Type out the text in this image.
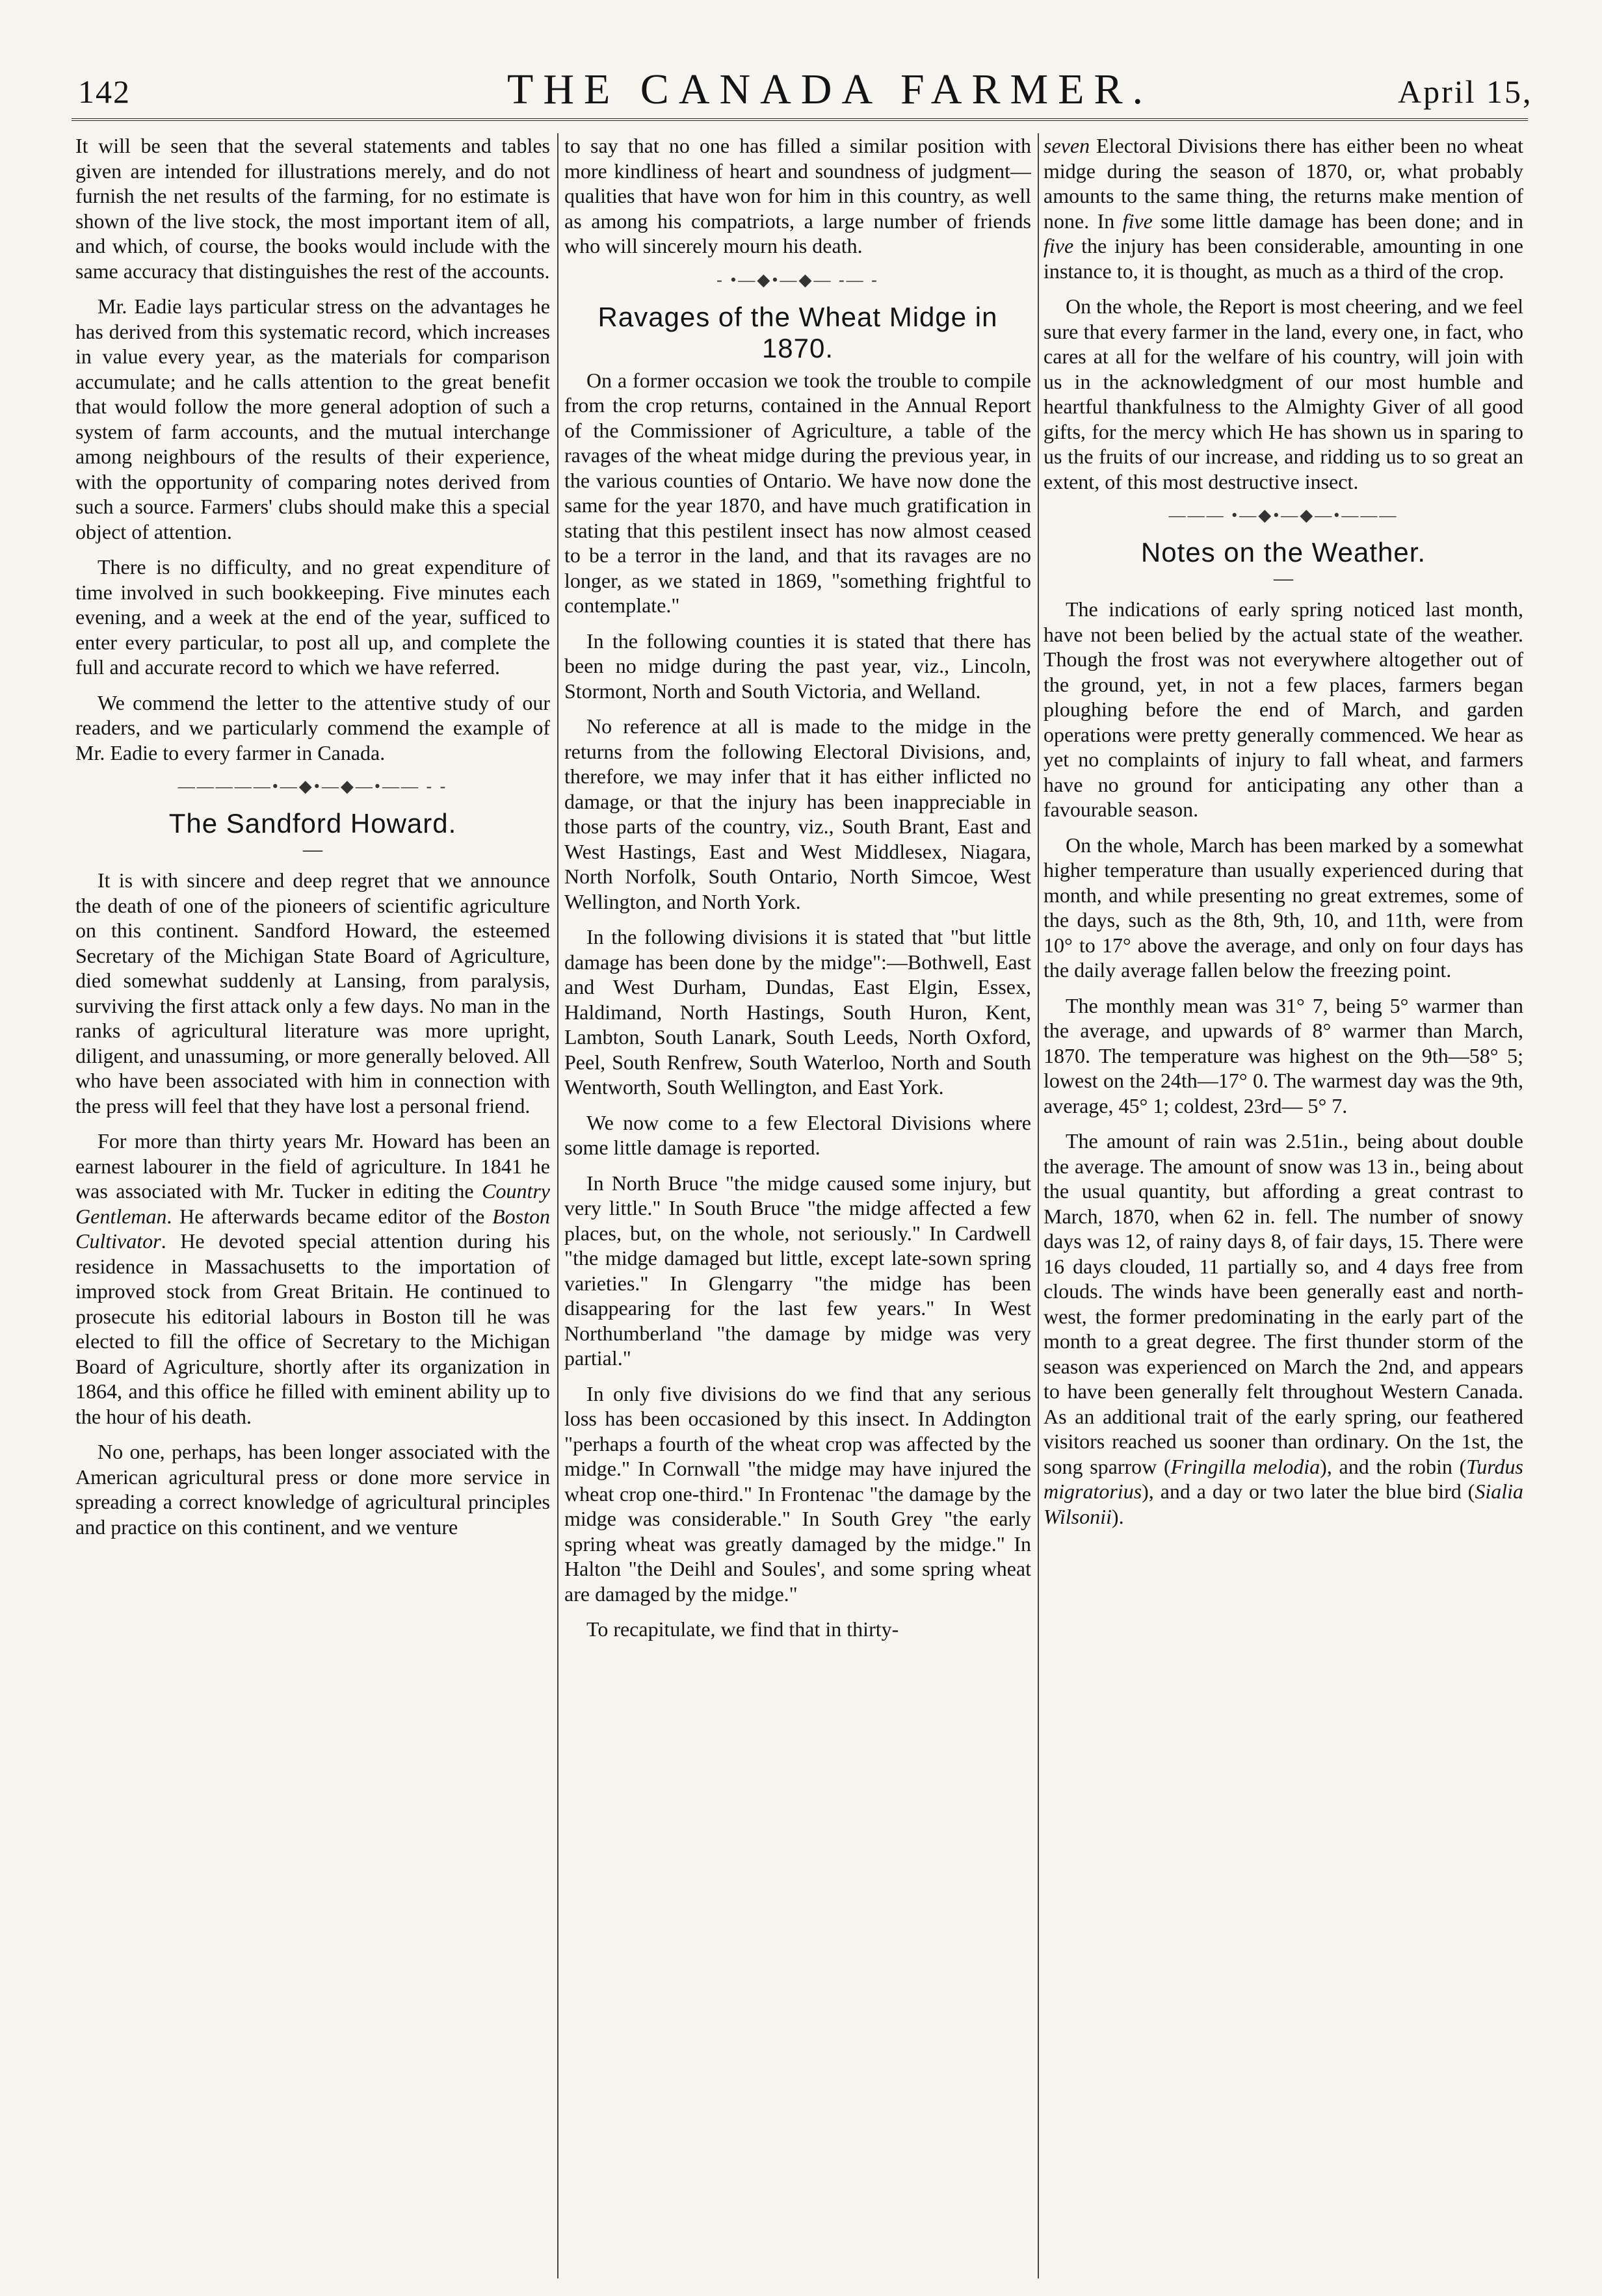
142	THE CANADA FARMER.	April 15,

It will be seen that the several statements and tables given are intended for illustrations merely, and do not furnish the net results of the farming, for no estimate is shown of the live stock, the most important item of all, and which, of course, the books would include with the same accuracy that distinguishes the rest of the accounts.

Mr. Eadie lays particular stress on the advantages he has derived from this systematic record, which increases in value every year, as the materials for comparison accumulate; and he calls attention to the great benefit that would follow the more general adoption of such a system of farm accounts, and the mutual interchange among neighbours of the results of their experience, with the opportunity of comparing notes derived from such a source. Farmers' clubs should make this a special object of attention.

There is no difficulty, and no great expenditure of time involved in such bookkeeping. Five minutes each evening, and a week at the end of the year, sufficed to enter every particular, to post all up, and complete the full and accurate record to which we have referred.

We commend the letter to the attentive study of our readers, and we particularly commend the example of Mr. Eadie to every farmer in Canada.

—————•—◆•—◆—•—— - -
The Sandford Howard.
—

It is with sincere and deep regret that we announce the death of one of the pioneers of scientific agriculture on this continent. Sandford Howard, the esteemed Secretary of the Michigan State Board of Agriculture, died somewhat suddenly at Lansing, from paralysis, surviving the first attack only a few days. No man in the ranks of agricultural literature was more upright, diligent, and unassuming, or more generally beloved. All who have been associated with him in connection with the press will feel that they have lost a personal friend.

For more than thirty years Mr. Howard has been an earnest labourer in the field of agriculture. In 1841 he was associated with Mr. Tucker in editing the Country Gentleman. He afterwards became editor of the Boston Cultivator. He devoted special attention during his residence in Massachusetts to the importation of improved stock from Great Britain. He continued to prosecute his editorial labours in Boston till he was elected to fill the office of Secretary to the Michigan Board of Agriculture, shortly after its organization in 1864, and this office he filled with eminent ability up to the hour of his death.

No one, perhaps, has been longer associated with the American agricultural press or done more service in spreading a correct knowledge of agricultural principles and practice on this continent, and we venture

to say that no one has filled a similar position with more kindliness of heart and soundness of judgment—qualities that have won for him in this country, as well as among his compatriots, a large number of friends who will sincerely mourn his death.

- •—◆•—◆— -— -
Ravages of the Wheat Midge in 1870.

On a former occasion we took the trouble to compile from the crop returns, contained in the Annual Report of the Commissioner of Agriculture, a table of the ravages of the wheat midge during the previous year, in the various counties of Ontario. We have now done the same for the year 1870, and have much gratification in stating that this pestilent insect has now almost ceased to be a terror in the land, and that its ravages are no longer, as we stated in 1869, "something frightful to contemplate."

In the following counties it is stated that there has been no midge during the past year, viz., Lincoln, Stormont, North and South Victoria, and Welland.

No reference at all is made to the midge in the returns from the following Electoral Divisions, and, therefore, we may infer that it has either inflicted no damage, or that the injury has been inappreciable in those parts of the country, viz., South Brant, East and West Hastings, East and West Middlesex, Niagara, North Norfolk, South Ontario, North Simcoe, West Wellington, and North York.

In the following divisions it is stated that "but little damage has been done by the midge":—Bothwell, East and West Durham, Dundas, East Elgin, Essex, Haldimand, North Hastings, South Huron, Kent, Lambton, South Lanark, South Leeds, North Oxford, Peel, South Renfrew, South Waterloo, North and South Wentworth, South Wellington, and East York.

We now come to a few Electoral Divisions where some little damage is reported.

In North Bruce "the midge caused some injury, but very little." In South Bruce "the midge affected a few places, but, on the whole, not seriously." In Cardwell "the midge damaged but little, except late-sown spring varieties." In Glengarry "the midge has been disappearing for the last few years." In West Northumberland "the damage by midge was very partial."

In only five divisions do we find that any serious loss has been occasioned by this insect. In Addington "perhaps a fourth of the wheat crop was affected by the midge." In Cornwall "the midge may have injured the wheat crop one-third." In Frontenac "the damage by the midge was considerable." In South Grey "the early spring wheat was greatly damaged by the midge." In Halton "the Deihl and Soules', and some spring wheat are damaged by the midge."

To recapitulate, we find that in thirty-

seven Electoral Divisions there has either been no wheat midge during the season of 1870, or, what probably amounts to the same thing, the returns make mention of none. In five some little damage has been done; and in five the injury has been considerable, amounting in one instance to, it is thought, as much as a third of the crop.

On the whole, the Report is most cheering, and we feel sure that every farmer in the land, every one, in fact, who cares at all for the welfare of his country, will join with us in the acknowledgment of our most humble and heartful thankfulness to the Almighty Giver of all good gifts, for the mercy which He has shown us in sparing to us the fruits of our increase, and ridding us to so great an extent, of this most destructive insect.

——— •—◆•—◆—•———
Notes on the Weather.
—

The indications of early spring noticed last month, have not been belied by the actual state of the weather. Though the frost was not everywhere altogether out of the ground, yet, in not a few places, farmers began ploughing before the end of March, and garden operations were pretty generally commenced. We hear as yet no complaints of injury to fall wheat, and farmers have no ground for anticipating any other than a favourable season.

On the whole, March has been marked by a somewhat higher temperature than usually experienced during that month, and while presenting no great extremes, some of the days, such as the 8th, 9th, 10, and 11th, were from 10° to 17° above the average, and only on four days has the daily average fallen below the freezing point.

The monthly mean was 31° 7, being 5° warmer than the average, and upwards of 8° warmer than March, 1870. The temperature was highest on the 9th—58° 5; lowest on the 24th—17° 0. The warmest day was the 9th, average, 45° 1; coldest, 23rd— 5° 7.

The amount of rain was 2.51in., being about double the average. The amount of snow was 13 in., being about the usual quantity, but affording a great contrast to March, 1870, when 62 in. fell. The number of snowy days was 12, of rainy days 8, of fair days, 15. There were 16 days clouded, 11 partially so, and 4 days free from clouds. The winds have been generally east and north-west, the former predominating in the early part of the month to a great degree. The first thunder storm of the season was experienced on March the 2nd, and appears to have been generally felt throughout Western Canada. As an additional trait of the early spring, our feathered visitors reached us sooner than ordinary. On the 1st, the song sparrow (Fringilla melodia), and the robin (Turdus migratorius), and a day or two later the blue bird (Sialia Wilsonii).
